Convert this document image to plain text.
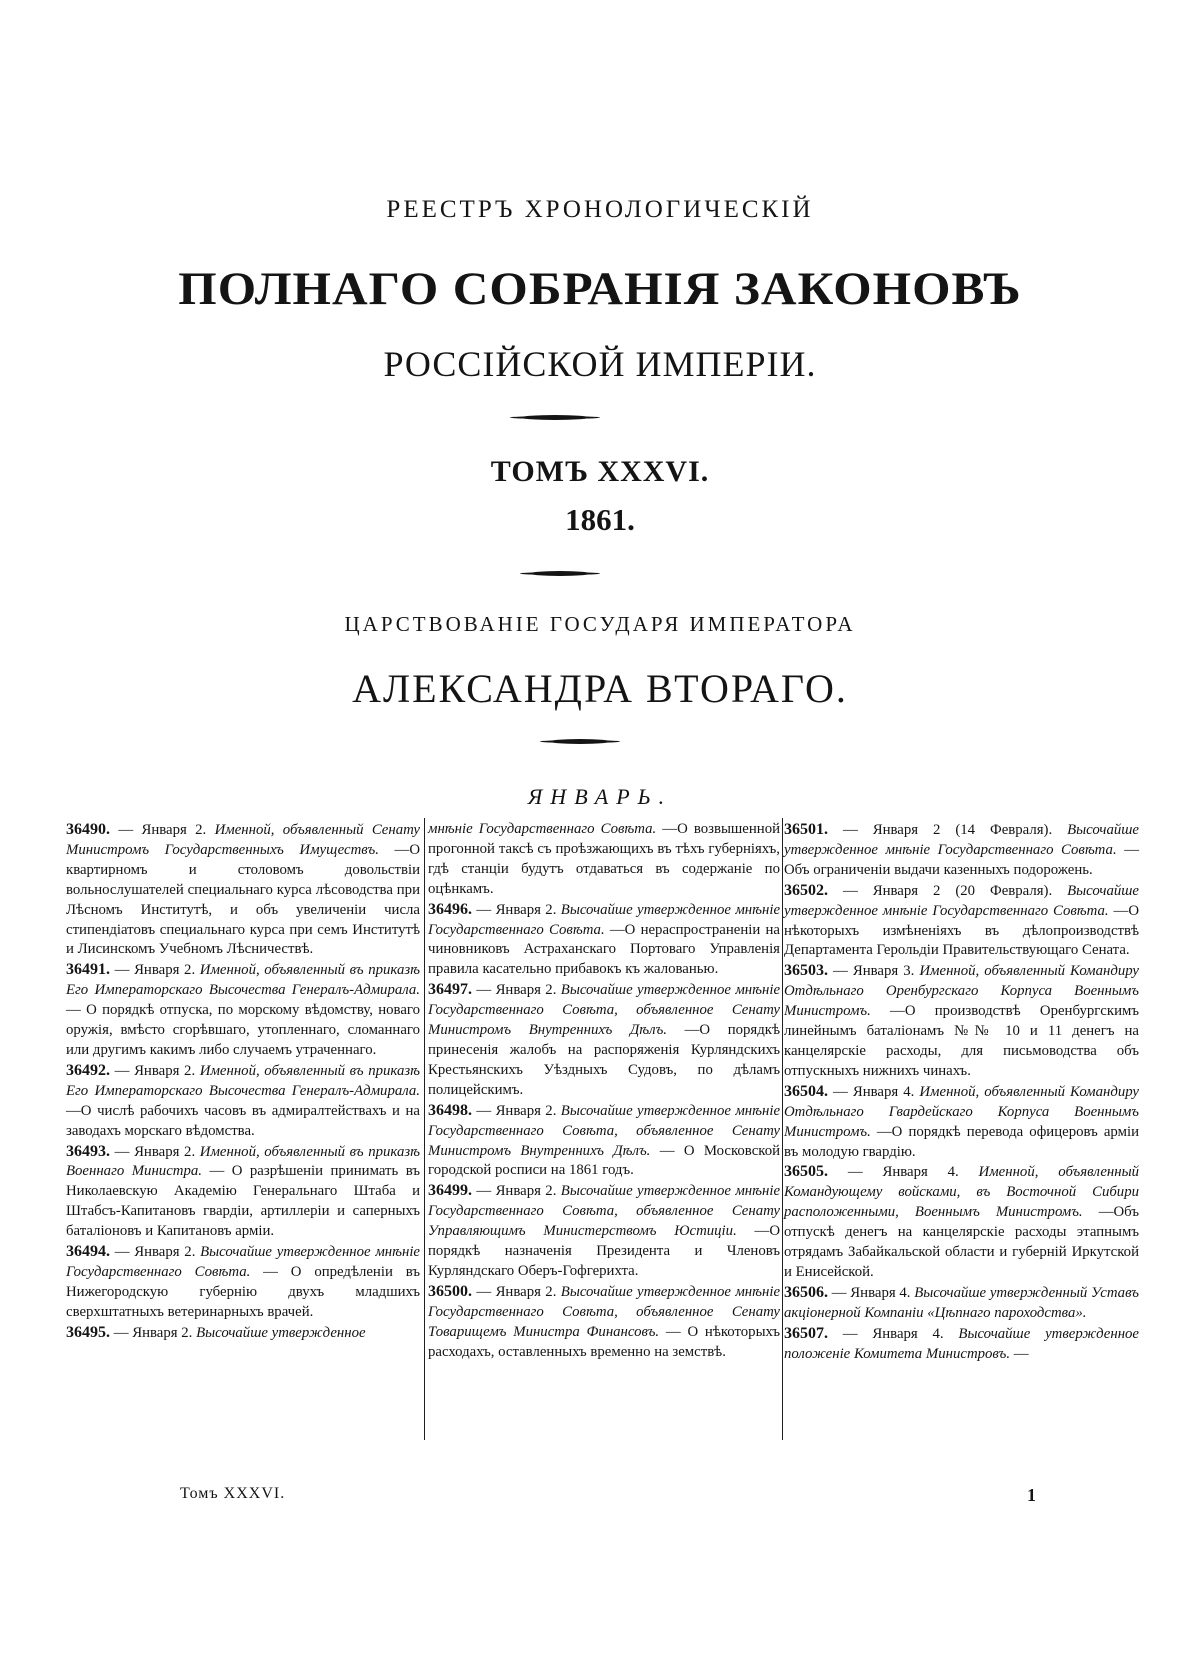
РЕЕСТРЪ ХРОНОЛОГИЧЕСКІЙ
ПОЛНАГО СОБРАНІЯ ЗАКОНОВЪ
РОССІЙСКОЙ ИМПЕРІИ.
ТОМЪ XXXVI.
1861.
ЦАРСТВОВАНІЕ ГОСУДАРЯ ИМПЕРАТОРА
АЛЕКСАНДРА ВТОРАГО.
ЯНВАРЬ.

36490. — Января 2. Именной, объявленный Сенату Министромъ Государственныхъ Имуществъ. —О квартирномъ и столовомъ довольствіи вольнослушателей специальнаго курса лѣсоводства при Лѣсномъ Институтѣ, и объ увеличеніи числа стипендіатовъ специальнаго курса при семъ Институтѣ и Лисинскомъ Учебномъ Лѣсничествѣ.

36491. — Января 2. Именной, объявленный въ приказѣ Его Императорскаго Высочества Генералъ-Адмирала. — О порядкѣ отпуска, по морскому вѣдомству, новаго оружія, вмѣсто сгорѣвшаго, утопленнаго, сломаннаго или другимъ какимъ либо случаемъ утраченнаго.

36492. — Января 2. Именной, объявленный въ приказѣ Его Императорскаго Высочества Генералъ-Адмирала. —О числѣ рабочихъ часовъ въ адмиралтействахъ и на заводахъ морскаго вѣдомства.

36493. — Января 2. Именной, объявленный въ приказѣ Военнаго Министра. — О разрѣшеніи принимать въ Николаевскую Академію Генеральнаго Штаба и Штабсъ-Капитановъ гвардіи, артиллеріи и саперныхъ баталіоновъ и Капитановъ арміи.

36494. — Января 2. Высочайше утвержденное мнѣніе Государственнаго Совѣта. — О опредѣленіи въ Нижегородскую губернію двухъ младшихъ сверхштатныхъ ветеринарныхъ врачей.

36495. — Января 2. Высочайше утвержденное

мнѣніе Государственнаго Совѣта. —О возвышенной прогонной таксѣ съ проѣзжающихъ въ тѣхъ губерніяхъ, гдѣ станціи будутъ отдаваться въ содержаніе по оцѣнкамъ.

36496. — Января 2. Высочайше утвержденное мнѣніе Государственнаго Совѣта. —О нераспространеніи на чиновниковъ Астраханскаго Портоваго Управленія правила касательно прибавокъ къ жалованью.

36497. — Января 2. Высочайше утвержденное мнѣніе Государственнаго Совѣта, объявленное Сенату Министромъ Внутреннихъ Дѣлъ. —О порядкѣ принесенія жалобъ на распоряженія Курляндскихъ Крестьянскихъ Уѣздныхъ Судовъ, по дѣламъ полицейскимъ.

36498. — Января 2. Высочайше утвержденное мнѣніе Государственнаго Совѣта, объявленное Сенату Министромъ Внутреннихъ Дѣлъ. — О Московской городской росписи на 1861 годъ.

36499. — Января 2. Высочайше утвержденное мнѣніе Государственнаго Совѣта, объявленное Сенату Управляющимъ Министерствомъ Юстиціи. —О порядкѣ назначенія Президента и Членовъ Курляндскаго Оберъ-Гофгерихта.

36500. — Января 2. Высочайше утвержденное мнѣніе Государственнаго Совѣта, объявленное Сенату Товарищемъ Министра Финансовъ. — О нѣкоторыхъ расходахъ, оставленныхъ временно на земствѣ.

36501. — Января 2 (14 Февраля). Высочайше утвержденное мнѣніе Государственнаго Совѣта. — Объ ограниченіи выдачи казенныхъ подорожень.

36502. — Января 2 (20 Февраля). Высочайше утвержденное мнѣніе Государственнаго Совѣта. —О нѣкоторыхъ измѣненіяхъ въ дѣлопроизводствѣ Департамента Герольдіи Правительствующаго Сената.

36503. — Января 3. Именной, объявленный Командиру Отдѣльнаго Оренбургскаго Корпуса Военнымъ Министромъ. —О производствѣ Оренбургскимъ линейнымъ баталіонамъ №№ 10 и 11 денегъ на канцелярскіе расходы, для письмоводства объ отпускныхъ нижнихъ чинахъ.

36504. — Января 4. Именной, объявленный Командиру Отдѣльнаго Гвардейскаго Корпуса Военнымъ Министромъ. —О порядкѣ перевода офицеровъ арміи въ молодую гвардію.

36505. — Января 4. Именной, объявленный Командующему войсками, въ Восточной Сибири расположенными, Военнымъ Министромъ. —Объ отпускѣ денегъ на канцелярскіе расходы этапнымъ отрядамъ Забайкальской области и губерній Иркутской и Енисейской.

36506. — Января 4. Высочайше утвержденный Уставъ акціонерной Компаніи «Цѣпнаго пароходства».

36507. — Января 4. Высочайше утвержденное положеніе Комитета Министровъ. —

Томъ XXXVI.	1
